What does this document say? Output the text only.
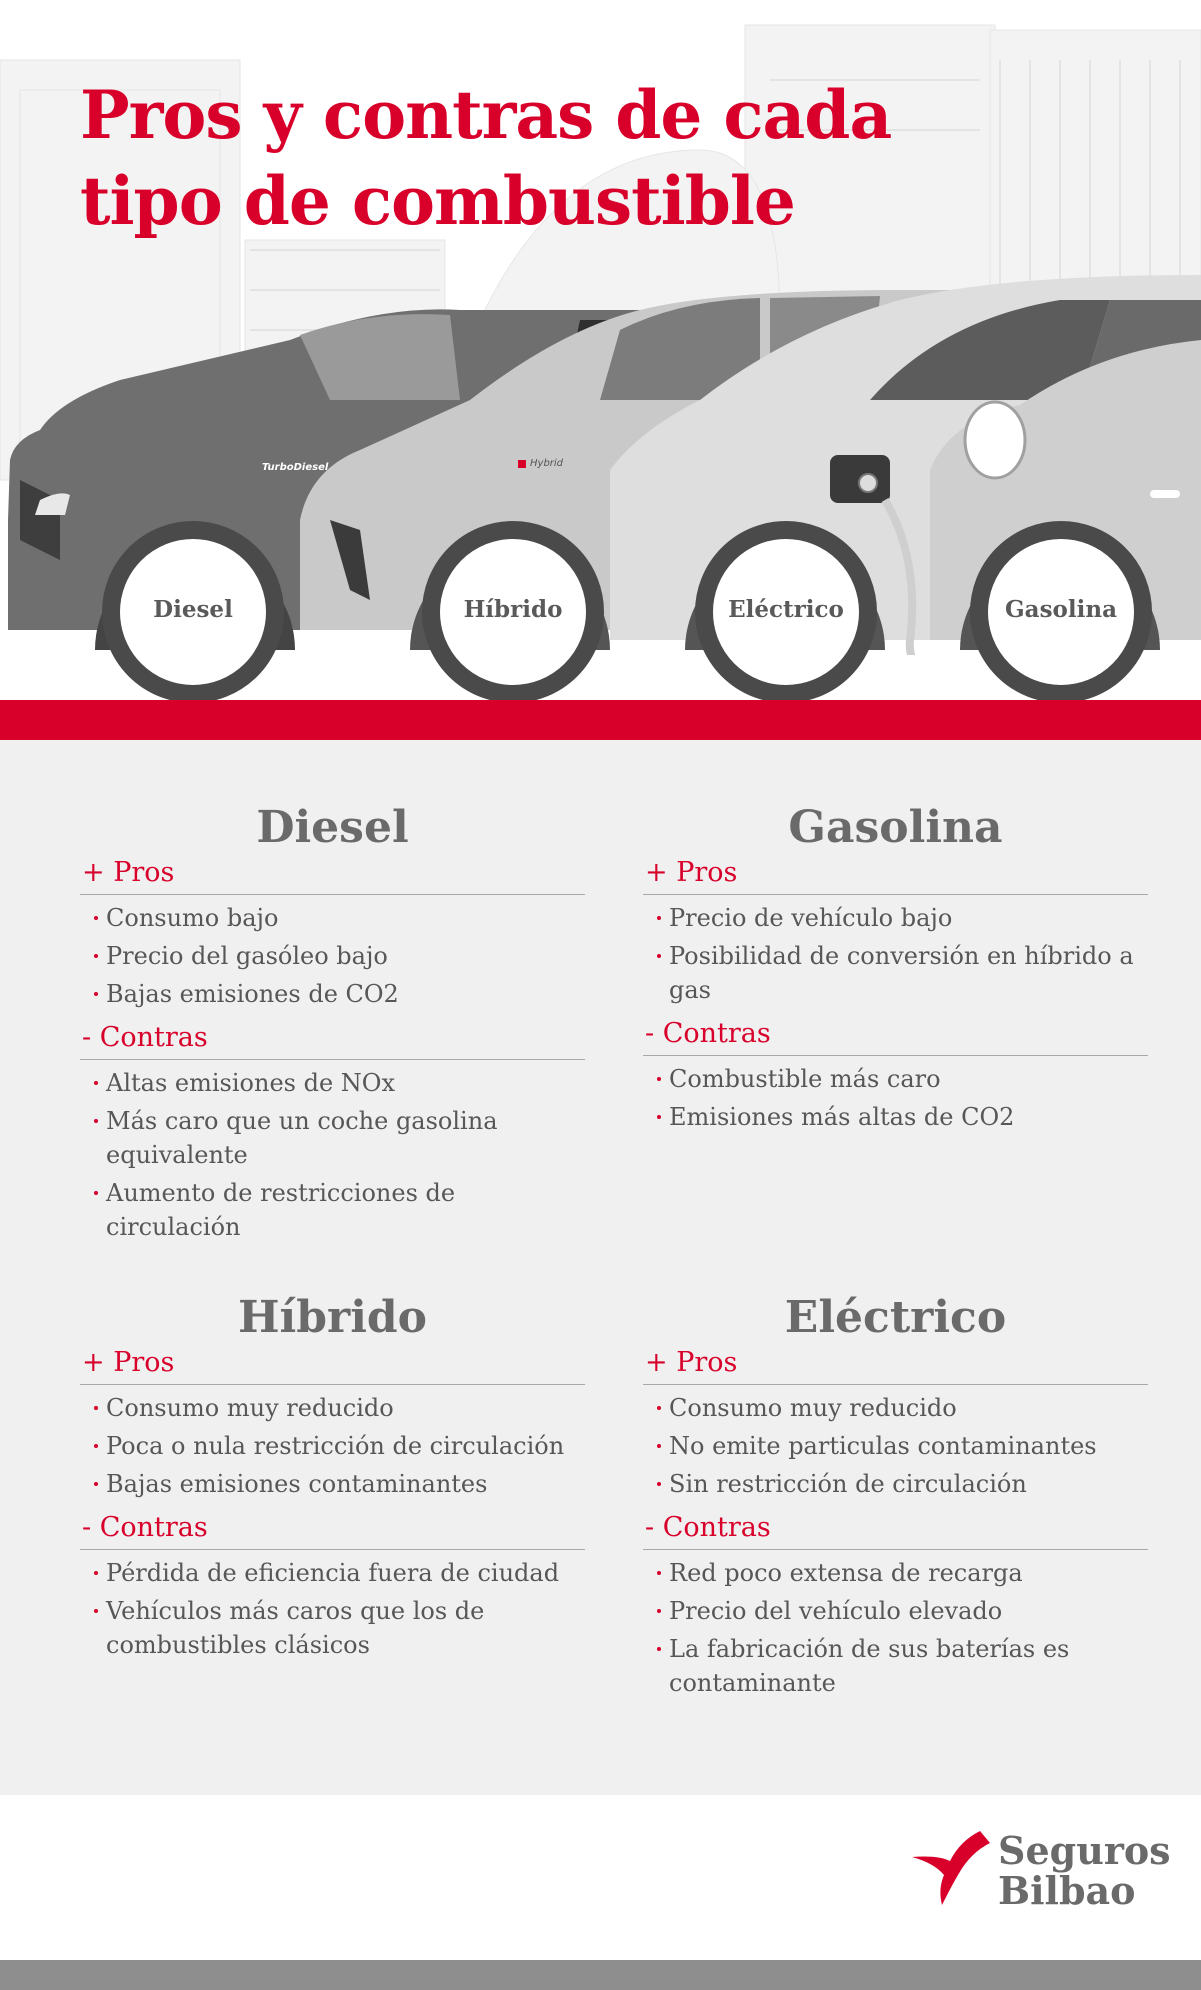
TurboDiesel	Hybrid
Pros y contras de cada
tipo de combustible
Diesel	Híbrido	Eléctrico	Gasolina
Diesel
+ Pros
Consumo bajo
Precio del gasóleo bajo
Bajas emisiones de CO2
- Contras
Altas emisiones de NOx
Más caro que un coche gasolina equivalente
Aumento de restricciones de circulación
Gasolina
+ Pros
Precio de vehículo bajo
Posibilidad de conversión en híbrido a gas
- Contras
Combustible más caro
Emisiones más altas de CO2
Híbrido
+ Pros
Consumo muy reducido
Poca o nula restricción de circulación
Bajas emisiones contaminantes
- Contras
Pérdida de eficiencia fuera de ciudad
Vehículos más caros que los de combustibles clásicos
Eléctrico
+ Pros
Consumo muy reducido
No emite particulas contaminantes
Sin restricción de circulación
- Contras
Red poco extensa de recarga
Precio del vehículo elevado
La fabricación de sus baterías es contaminante
Seguros
Bilbao
